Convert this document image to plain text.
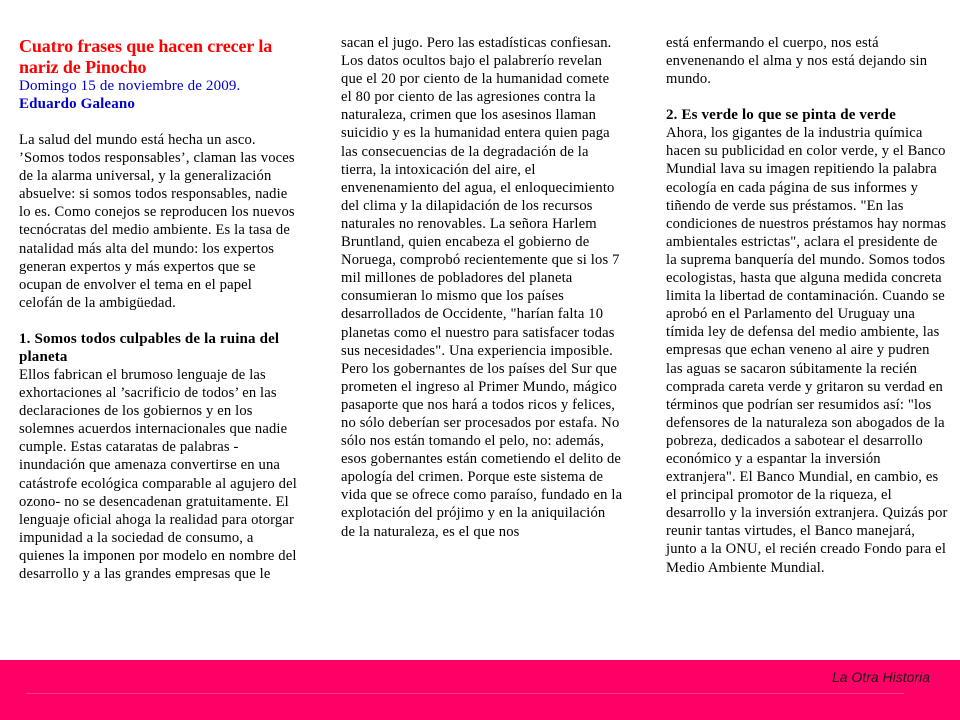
Cuatro frases que hacen crecer la nariz de Pinocho

Domingo 15 de noviembre de 2009.

Eduardo Galeano

La salud del mundo está hecha un asco. ’Somos todos responsables’, claman las voces de la alarma universal, y la generalización absuelve: si somos todos responsables, nadie lo es. Como conejos se reproducen los nuevos tecnócratas del medio ambiente. Es la tasa de natalidad más alta del mundo: los expertos generan expertos y más expertos que se ocupan de envolver el tema en el papel celofán de la ambigüedad.

1. Somos todos culpables de la ruina del planeta

Ellos fabrican el brumoso lenguaje de las exhortaciones al ’sacrificio de todos’ en las declaraciones de los gobiernos y en los solemnes acuerdos internacionales que nadie cumple. Estas cataratas de palabras -inundación que amenaza convertirse en una catástrofe ecológica comparable al agujero del ozono- no se desencadenan gratuitamente. El lenguaje oficial ahoga la realidad para otorgar impunidad a la sociedad de consumo, a quienes la imponen por modelo en nombre del desarrollo y a las grandes empresas que le

sacan el jugo. Pero las estadísticas confiesan. Los datos ocultos bajo el palabrerío revelan que el 20 por ciento de la humanidad comete el 80 por ciento de las agresiones contra la naturaleza, crimen que los asesinos llaman suicidio y es la humanidad entera quien paga las consecuencias de la degradación de la tierra, la intoxicación del aire, el envenenamiento del agua, el enloquecimiento del clima y la dilapidación de los recursos naturales no renovables. La señora Harlem Bruntland, quien encabeza el gobierno de Noruega, comprobó recientemente que si los 7 mil millones de pobladores del planeta consumieran lo mismo que los países desarrollados de Occidente, "harían falta 10 planetas como el nuestro para satisfacer todas sus necesidades". Una experiencia imposible. Pero los gobernantes de los países del Sur que prometen el ingreso al Primer Mundo, mágico pasaporte que nos hará a todos ricos y felices, no sólo deberían ser procesados por estafa. No sólo nos están tomando el pelo, no: además, esos gobernantes están cometiendo el delito de apología del crimen. Porque este sistema de vida que se ofrece como paraíso, fundado en la explotación del prójimo y en la aniquilación de la naturaleza, es el que nos

está enfermando el cuerpo, nos está envenenando el alma y nos está dejando sin mundo.

2. Es verde lo que se pinta de verde

Ahora, los gigantes de la industria química hacen su publicidad en color verde, y el Banco Mundial lava su imagen repitiendo la palabra ecología en cada página de sus informes y tiñendo de verde sus préstamos. "En las condiciones de nuestros préstamos hay normas ambientales estrictas", aclara el presidente de la suprema banquería del mundo. Somos todos ecologistas, hasta que alguna medida concreta limita la libertad de contaminación. Cuando se aprobó en el Parlamento del Uruguay una tímida ley de defensa del medio ambiente, las empresas que echan veneno al aire y pudren las aguas se sacaron súbitamente la recién comprada careta verde y gritaron su verdad en términos que podrían ser resumidos así: "los defensores de la naturaleza son abogados de la pobreza, dedicados a sabotear el desarrollo económico y a espantar la inversión extranjera". El Banco Mundial, en cambio, es el principal promotor de la riqueza, el desarrollo y la inversión extranjera. Quizás por reunir tantas virtudes, el Banco manejará, junto a la ONU, el recién creado Fondo para el Medio Ambiente Mundial.

La Otra Historia
